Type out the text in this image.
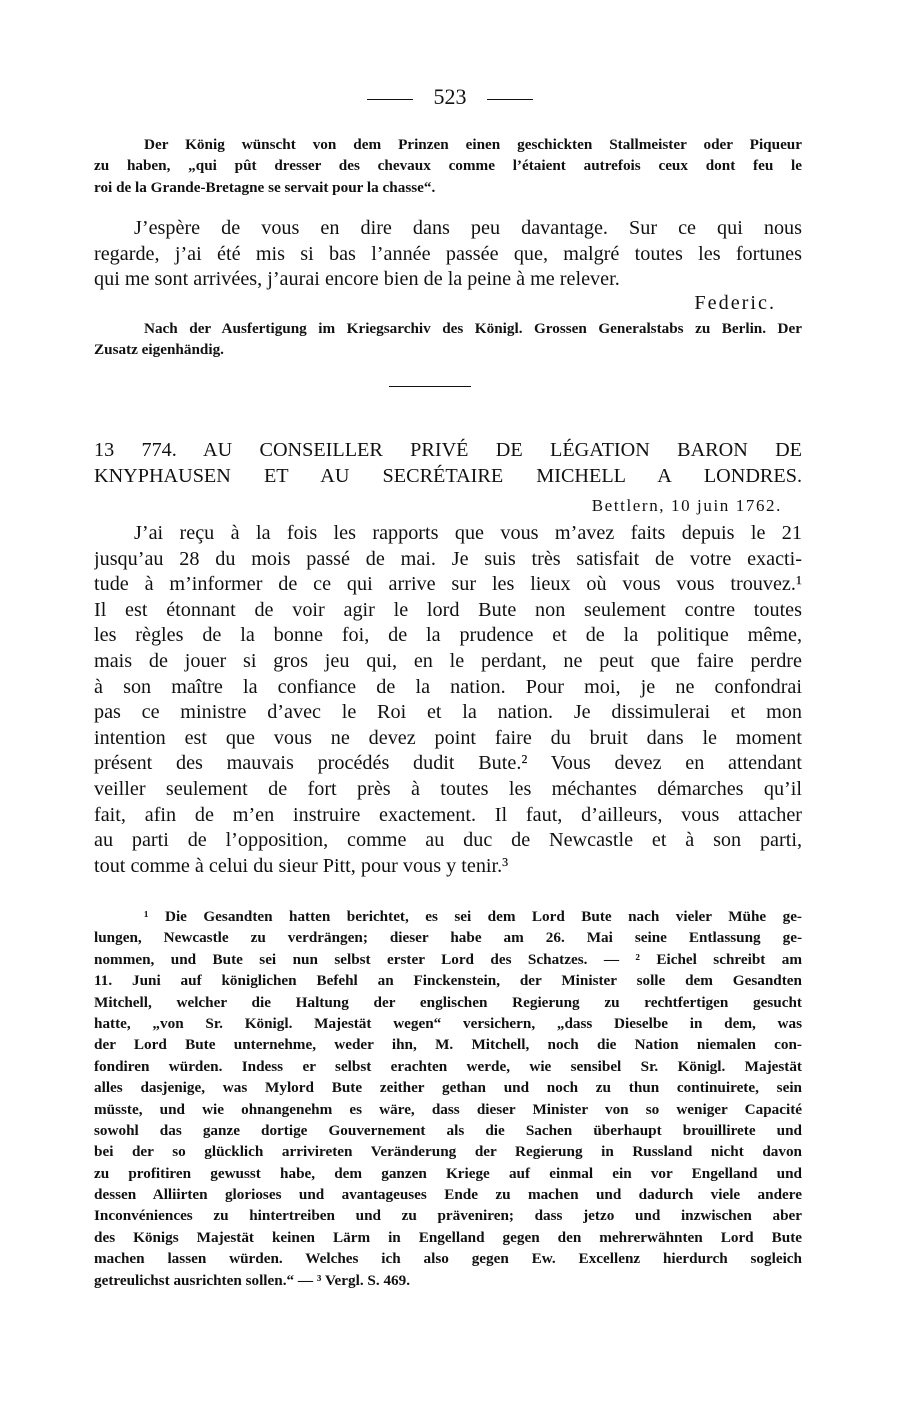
523
Der König wünscht von dem Prinzen einen geschickten Stallmeister oder Piqueur
zu haben, „qui pût dresser des chevaux comme l’étaient autrefois ceux dont feu le
roi de la Grande-Bretagne se servait pour la chasse“.
J’espère de vous en dire dans peu davantage. Sur ce qui nous
regarde, j’ai été mis si bas l’année passée que, malgré toutes les fortunes
qui me sont arrivées, j’aurai encore bien de la peine à me relever.
Federic.
Nach der Ausfertigung im Kriegsarchiv des Königl. Grossen Generalstabs zu Berlin. Der
Zusatz eigenhändig.
13 774. AU CONSEILLER PRIVÉ DE LÉGATION BARON DE
KNYPHAUSEN ET AU SECRÉTAIRE MICHELL A LONDRES.
Bettlern, 10 juin 1762.
J’ai reçu à la fois les rapports que vous m’avez faits depuis le 21
jusqu’au 28 du mois passé de mai. Je suis très satisfait de votre exacti-
tude à m’informer de ce qui arrive sur les lieux où vous vous trouvez.¹
Il est étonnant de voir agir le lord Bute non seulement contre toutes
les règles de la bonne foi, de la prudence et de la politique même,
mais de jouer si gros jeu qui, en le perdant, ne peut que faire perdre
à son maître la confiance de la nation. Pour moi, je ne confondrai
pas ce ministre d’avec le Roi et la nation. Je dissimulerai et mon
intention est que vous ne devez point faire du bruit dans le moment
présent des mauvais procédés dudit Bute.² Vous devez en attendant
veiller seulement de fort près à toutes les méchantes démarches qu’il
fait, afin de m’en instruire exactement. Il faut, d’ailleurs, vous attacher
au parti de l’opposition, comme au duc de Newcastle et à son parti,
tout comme à celui du sieur Pitt, pour vous y tenir.³
¹ Die Gesandten hatten berichtet, es sei dem Lord Bute nach vieler Mühe ge-
lungen, Newcastle zu verdrängen; dieser habe am 26. Mai seine Entlassung ge-
nommen, und Bute sei nun selbst erster Lord des Schatzes. — ² Eichel schreibt am
11. Juni auf königlichen Befehl an Finckenstein, der Minister solle dem Gesandten
Mitchell, welcher die Haltung der englischen Regierung zu rechtfertigen gesucht
hatte, „von Sr. Königl. Majestät wegen“ versichern, „dass Dieselbe in dem, was
der Lord Bute unternehme, weder ihn, M. Mitchell, noch die Nation niemalen con-
fondiren würden. Indess er selbst erachten werde, wie sensibel Sr. Königl. Majestät
alles dasjenige, was Mylord Bute zeither gethan und noch zu thun continuirete, sein
müsste, und wie ohnangenehm es wäre, dass dieser Minister von so weniger Capacité
sowohl das ganze dortige Gouvernement als die Sachen überhaupt brouillirete und
bei der so glücklich arrivireten Veränderung der Regierung in Russland nicht davon
zu profitiren gewusst habe, dem ganzen Kriege auf einmal ein vor Engelland und
dessen Alliirten glorioses und avantageuses Ende zu machen und dadurch viele andere
Inconvéniences zu hintertreiben und zu präveniren; dass jetzo und inzwischen aber
des Königs Majestät keinen Lärm in Engelland gegen den mehrerwähnten Lord Bute
machen lassen würden. Welches ich also gegen Ew. Excellenz hierdurch sogleich
getreulichst ausrichten sollen.“ — ³ Vergl. S. 469.
